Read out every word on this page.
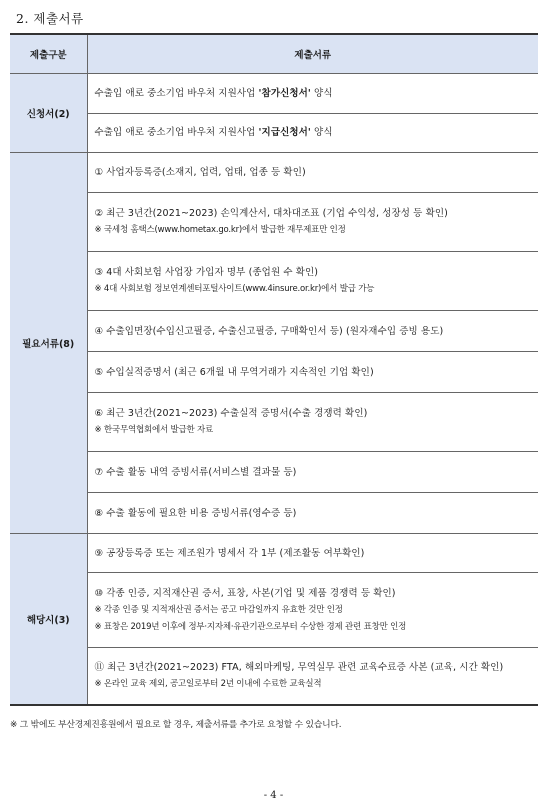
2. 제출서류
제출구분	제출서류
신청서(2)	수출입 애로 중소기업 바우처 지원사업 '참가신청서' 양식
	수출입 애로 중소기업 바우처 지원사업 '지급신청서' 양식
필요서류(8)	① 사업자등록증(소재지, 업력, 업태, 업종 등 확인)

	② 최근 3년간(2021~2023) 손익계산서, 대차대조표 (기업 수익성, 성장성 등 확인)
※ 국세청 홈택스(www.hometax.go.kr)에서 발급한 재무제표만 인정

	③ 4대 사회보험 사업장 가입자 명부 (종업원 수 확인)
※ 4대 사회보험 정보연계센터포털사이트(www.4insure.or.kr)에서 발급 가능

	④ 수출입면장(수입신고필증, 수출신고필증, 구매확인서 등) (원자재수입 증빙 용도)

	⑤ 수입실적증명서 (최근 6개월 내 무역거래가 지속적인 기업 확인)

	⑥ 최근 3년간(2021~2023) 수출실적 증명서(수출 경쟁력 확인)
※ 한국무역협회에서 발급한 자료

	⑦ 수출 활동 내역 증빙서류(서비스별 결과물 등)

	⑧ 수출 활동에 필요한 비용 증빙서류(영수증 등)

해당시(3)	⑨ 공장등록증 또는 제조원가 명세서 각 1부 (제조활동 여부확인)

	⑩ 각종 인증, 지적재산권 증서, 표창, 사본(기업 및 제품 경쟁력 등 확인)
※ 각종 인증 및 지적재산권 증서는 공고 마감일까지 유효한 것만 인정
※ 표창은 2019년 이후에 정부·지자체·유관기관으로부터 수상한 경제 관련 표창만 인정

	⑪ 최근 3년간(2021~2023) FTA, 해외마케팅, 무역실무 관련 교육수료증 사본 (교육, 시간 확인)
※ 온라인 교육 제외, 공고일로부터 2년 이내에 수료한 교육실적
※ 그 밖에도 부산경제진흥원에서 필요로 할 경우, 제출서류를 추가로 요청할 수 있습니다.
- 4 -
